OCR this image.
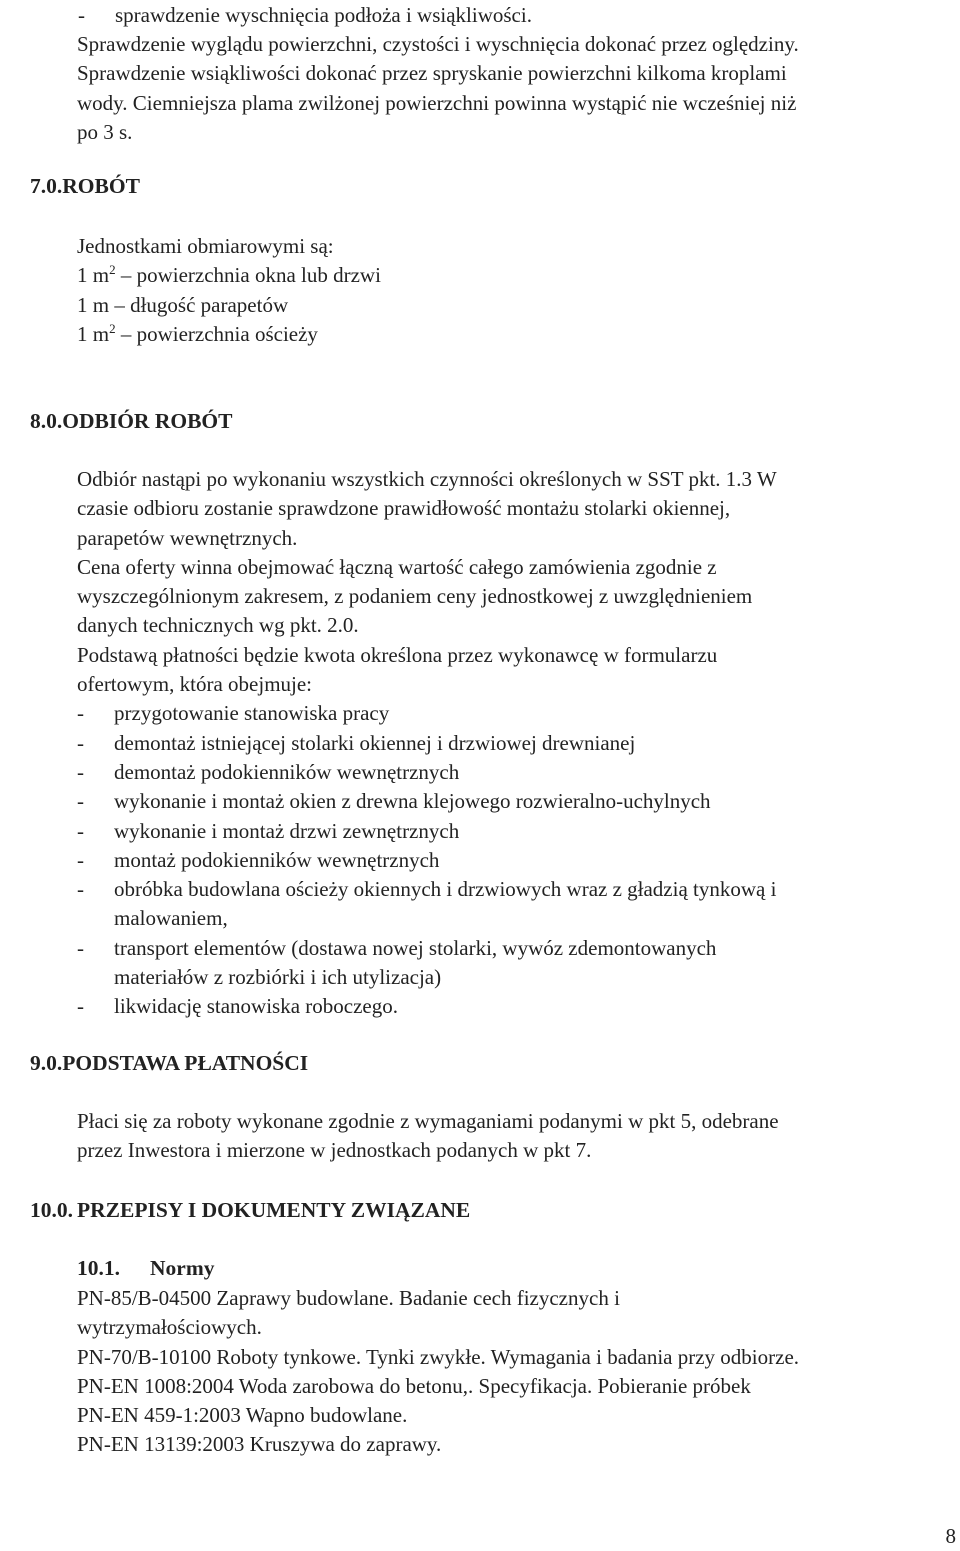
- sprawdzenie wyschnięcia podłoża i wsiąkliwości.
Sprawdzenie wyglądu powierzchni, czystości i wyschnięcia dokonać przez oględziny.
Sprawdzenie wsiąkliwości dokonać przez spryskanie powierzchni kilkoma kroplami
wody. Ciemniejsza plama zwilżonej powierzchni powinna wystąpić nie wcześniej niż
po 3 s.
7.0.ROBÓT
Jednostkami obmiarowymi są:
1 $m^2$ – powierzchnia okna lub drzwi
1 m – długość parapetów
1 $m^2$ – powierzchnia ościeży
8.0.ODBIÓR ROBÓT
Odbiór nastąpi po wykonaniu wszystkich czynności określonych w SST pkt. 1.3 W
czasie odbioru zostanie sprawdzone prawidłowość montażu stolarki okiennej,
parapetów wewnętrznych.
Cena oferty winna obejmować łączną wartość całego zamówienia zgodnie z
wyszczególnionym zakresem, z podaniem ceny jednostkowej z uwzględnieniem
danych technicznych wg pkt. 2.0.
Podstawą płatności będzie kwota określona przez wykonawcę w formularzu
ofertowym, która obejmuje:
-	przygotowanie stanowiska pracy
-	demontaż istniejącej stolarki okiennej i drzwiowej drewnianej
-	demontaż podokienników wewnętrznych
-	wykonanie i montaż okien z drewna klejowego rozwieralno-uchylnych
-	wykonanie i montaż drzwi zewnętrznych
-	montaż podokienników wewnętrznych
-	obróbka budowlana ościeży okiennych i drzwiowych wraz z gładzią tynkową i
malowaniem,
-	transport elementów (dostawa nowej stolarki, wywóz zdemontowanych
materiałów z rozbiórki i ich utylizacja)
-	likwidację stanowiska roboczego.
9.0.PODSTAWA PŁATNOŚCI
Płaci się za roboty wykonane zgodnie z wymaganiami podanymi w pkt 5, odebrane
przez Inwestora i mierzone w jednostkach podanych w pkt 7.
10.0. PRZEPISY I DOKUMENTY ZWIĄZANE
10.1. Normy
PN-85/B-04500 Zaprawy budowlane. Badanie cech fizycznych i
wytrzymałościowych.
PN-70/B-10100 Roboty tynkowe. Tynki zwykłe. Wymagania i badania przy odbiorze.
PN-EN 1008:2004 Woda zarobowa do betonu,. Specyfikacja. Pobieranie próbek
PN-EN 459-1:2003 Wapno budowlane.
PN-EN 13139:2003 Kruszywa do zaprawy.
8
